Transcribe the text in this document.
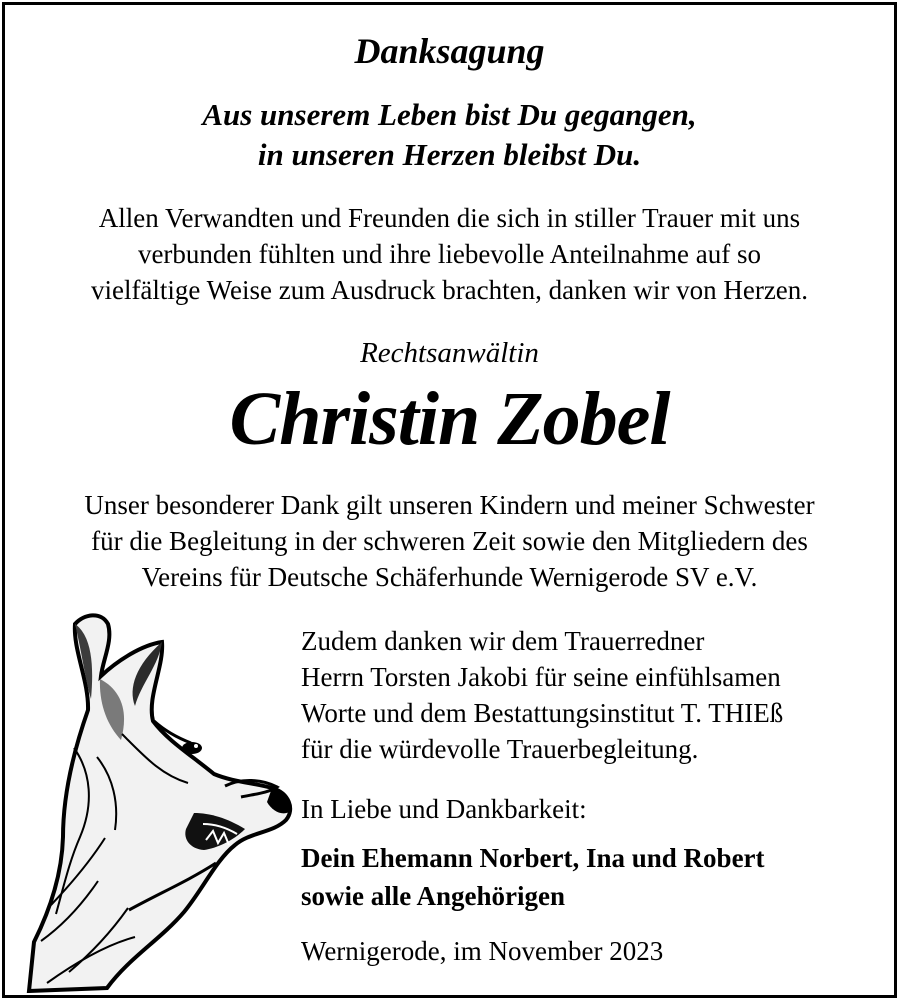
Danksagung
Aus unserem Leben bist Du gegangen,
in unseren Herzen bleibst Du.
Allen Verwandten und Freunden die sich in stiller Trauer mit uns
verbunden fühlten und ihre liebevolle Anteilnahme auf so
vielfältige Weise zum Ausdruck brachten, danken wir von Herzen.
Rechtsanwältin
Christin Zobel
Unser besonderer Dank gilt unseren Kindern und meiner Schwester
für die Begleitung in der schweren Zeit sowie den Mitgliedern des
Vereins für Deutsche Schäferhunde Wernigerode SV e.V.
Zudem danken wir dem Trauerredner
Herrn Torsten Jakobi für seine einfühlsamen
Worte und dem Bestattungsinstitut T. THIEß
für die würdevolle Trauerbegleitung.
In Liebe und Dankbarkeit:
Dein Ehemann Norbert, Ina und Robert
sowie alle Angehörigen
Wernigerode, im November 2023
